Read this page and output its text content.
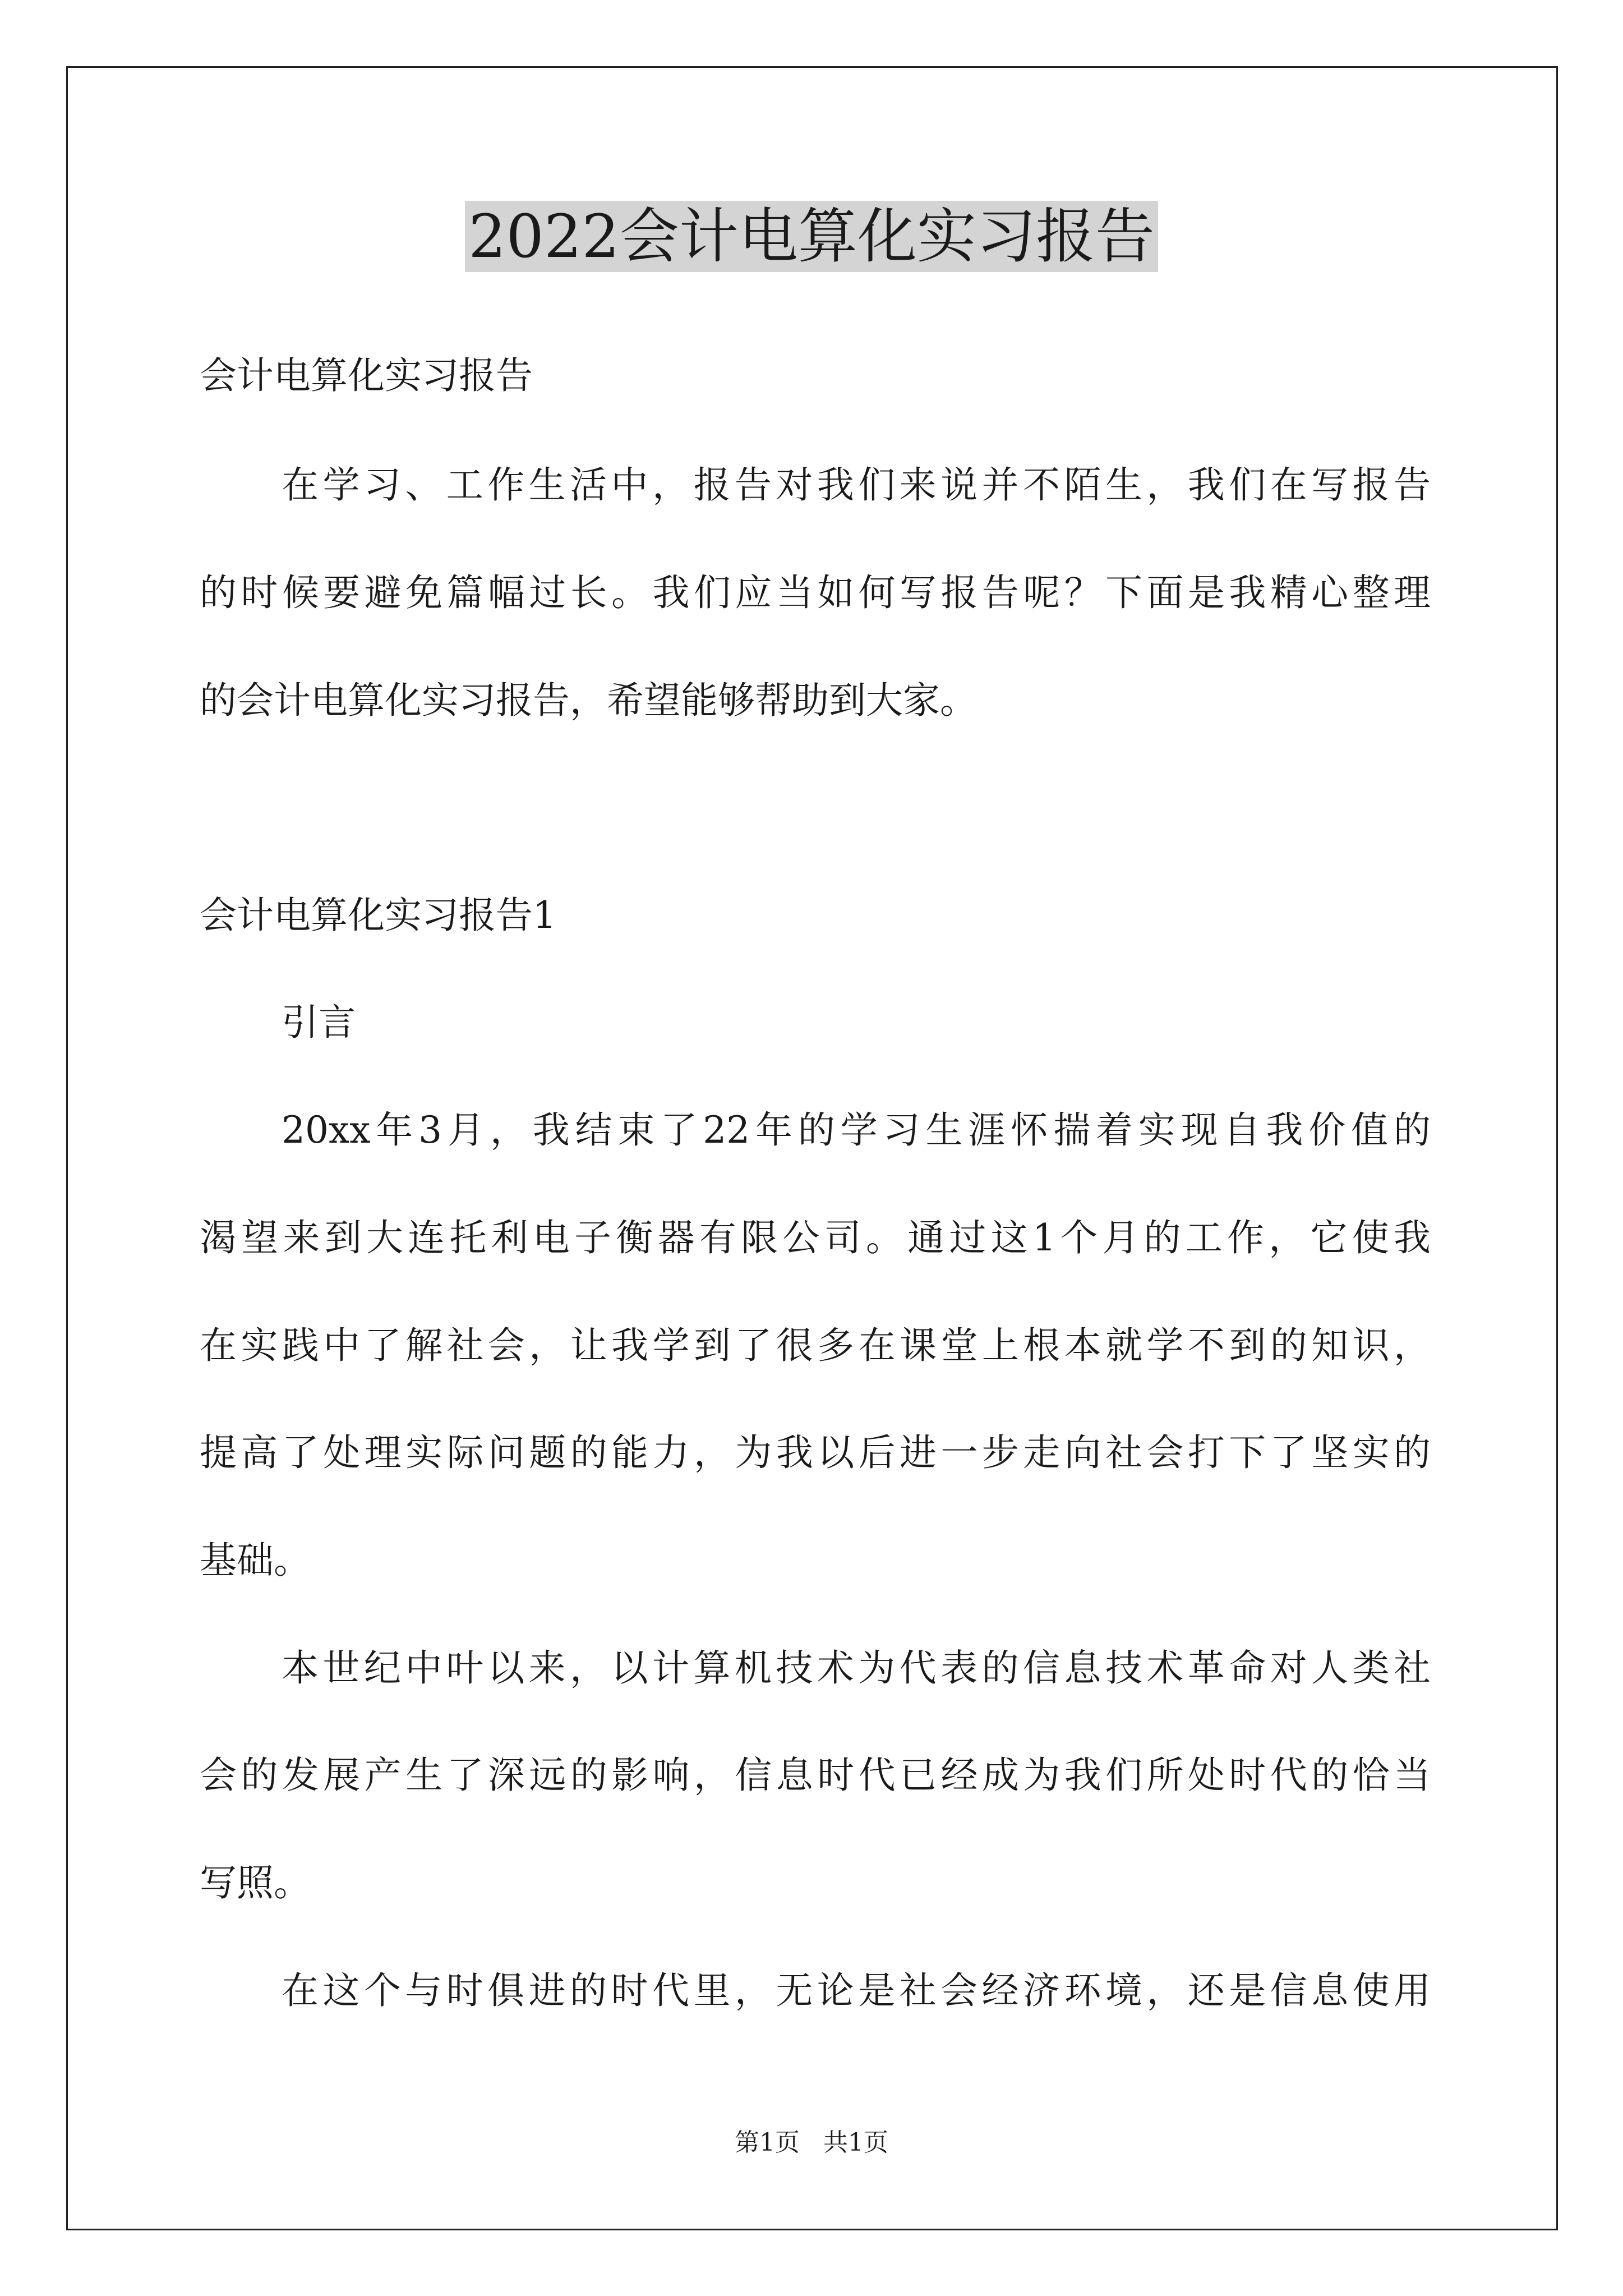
2022会计电算化实习报告

会计电算化实习报告

在学习、工作生活中，报告对我们来说并不陌生，我们在写报告

的时候要避免篇幅过长。我们应当如何写报告呢？下面是我精心整理

的会计电算化实习报告，希望能够帮助到大家。

会计电算化实习报告1

引言

20xx年3月，我结束了22年的学习生涯怀揣着实现自我价值的

渴望来到大连托利电子衡器有限公司。通过这1个月的工作，它使我

在实践中了解社会，让我学到了很多在课堂上根本就学不到的知识，

提高了处理实际问题的能力，为我以后进一步走向社会打下了坚实的

基础。

本世纪中叶以来，以计算机技术为代表的信息技术革命对人类社

会的发展产生了深远的影响，信息时代已经成为我们所处时代的恰当

写照。

在这个与时俱进的时代里，无论是社会经济环境，还是信息使用

第1页   共1页
